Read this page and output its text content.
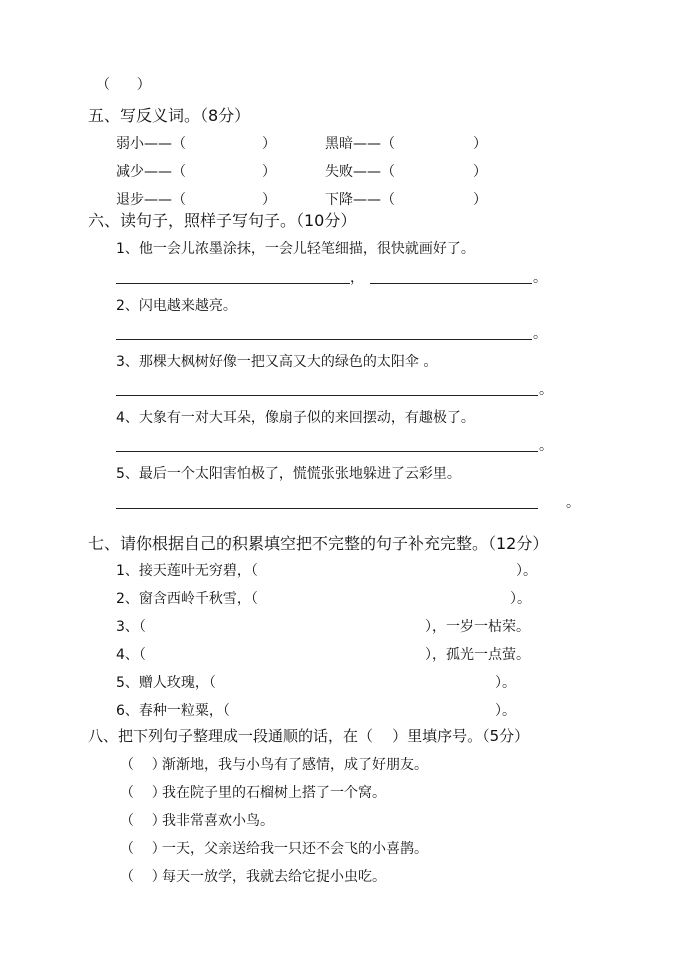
（      ）
五、写反义词。（8分）
弱小——（	）	黑暗——（	）
减少——（	）	失败——（	）
退步——（	）	下降——（	）
六、读句子，照样子写句子。（10分）
1、他一会儿浓墨涂抹，一会儿轻笔细描，很快就画好了。
，	。
2、闪电越来越亮。
。
3、那棵大枫树好像一把又高又大的绿色的太阳伞 。
。
4、大象有一对大耳朵，像扇子似的来回摆动，有趣极了。
。
5、最后一个太阳害怕极了，慌慌张张地躲进了云彩里。
。
七、请你根据自己的积累填空把不完整的句子补充完整。（12分）
1、接天莲叶无穷碧，（	）。
2、窗含西岭千秋雪，（	）。
3、（	），一岁一枯荣。
4、（	），孤光一点萤。
5、赠人玫瑰，（	）。
6、春种一粒粟，（	）。
八、把下列句子整理成一段通顺的话，在（    ）里填序号。（5分）
（    ）
渐渐地，我与小鸟有了感情，成了好朋友。
（    ）
我在院子里的石榴树上搭了一个窝。
（    ）
我非常喜欢小鸟。
（    ）
一天，父亲送给我一只还不会飞的小喜鹊。
（    ）
每天一放学，我就去给它捉小虫吃。
